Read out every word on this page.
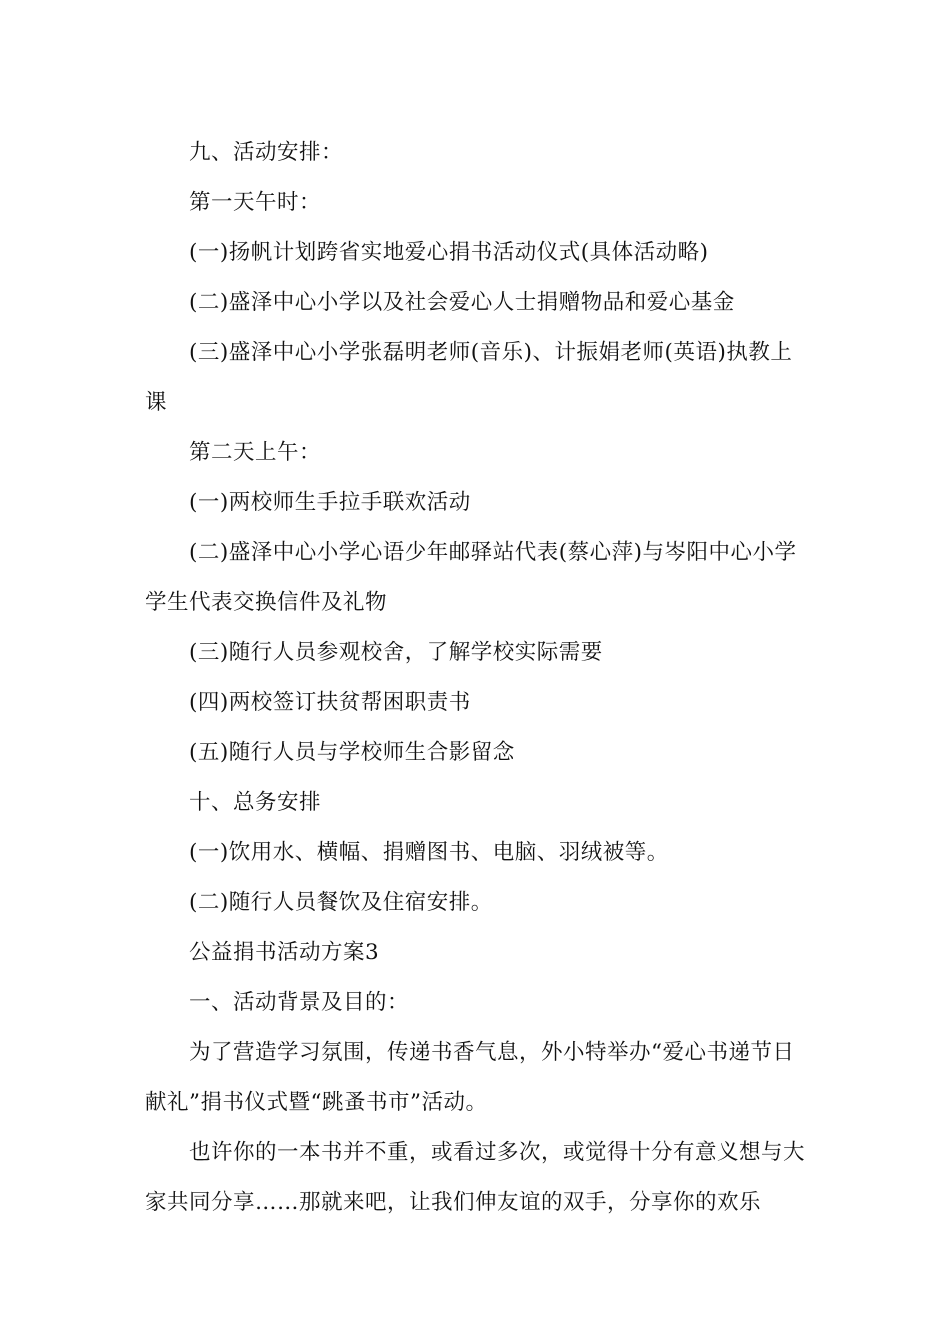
九、活动安排：

第一天午时：

(一)扬帆计划跨省实地爱心捐书活动仪式(具体活动略)

(二)盛泽中心小学以及社会爱心人士捐赠物品和爱心基金

(三)盛泽中心小学张磊明老师(音乐)、计振娟老师(英语)执教上课

第二天上午：

(一)两校师生手拉手联欢活动

(二)盛泽中心小学心语少年邮驿站代表(蔡心萍)与岑阳中心小学学生代表交换信件及礼物

(三)随行人员参观校舍，了解学校实际需要

(四)两校签订扶贫帮困职责书

(五)随行人员与学校师生合影留念

十、总务安排

(一)饮用水、横幅、捐赠图书、电脑、羽绒被等。

(二)随行人员餐饮及住宿安排。

公益捐书活动方案3

一、活动背景及目的：

为了营造学习氛围，传递书香气息，外小特举办“爱心书递节日献礼”捐书仪式暨“跳蚤书市”活动。

也许你的一本书并不重，或看过多次，或觉得十分有意义想与大家共同分享……那就来吧，让我们伸友谊的双手，分享你的欢乐
